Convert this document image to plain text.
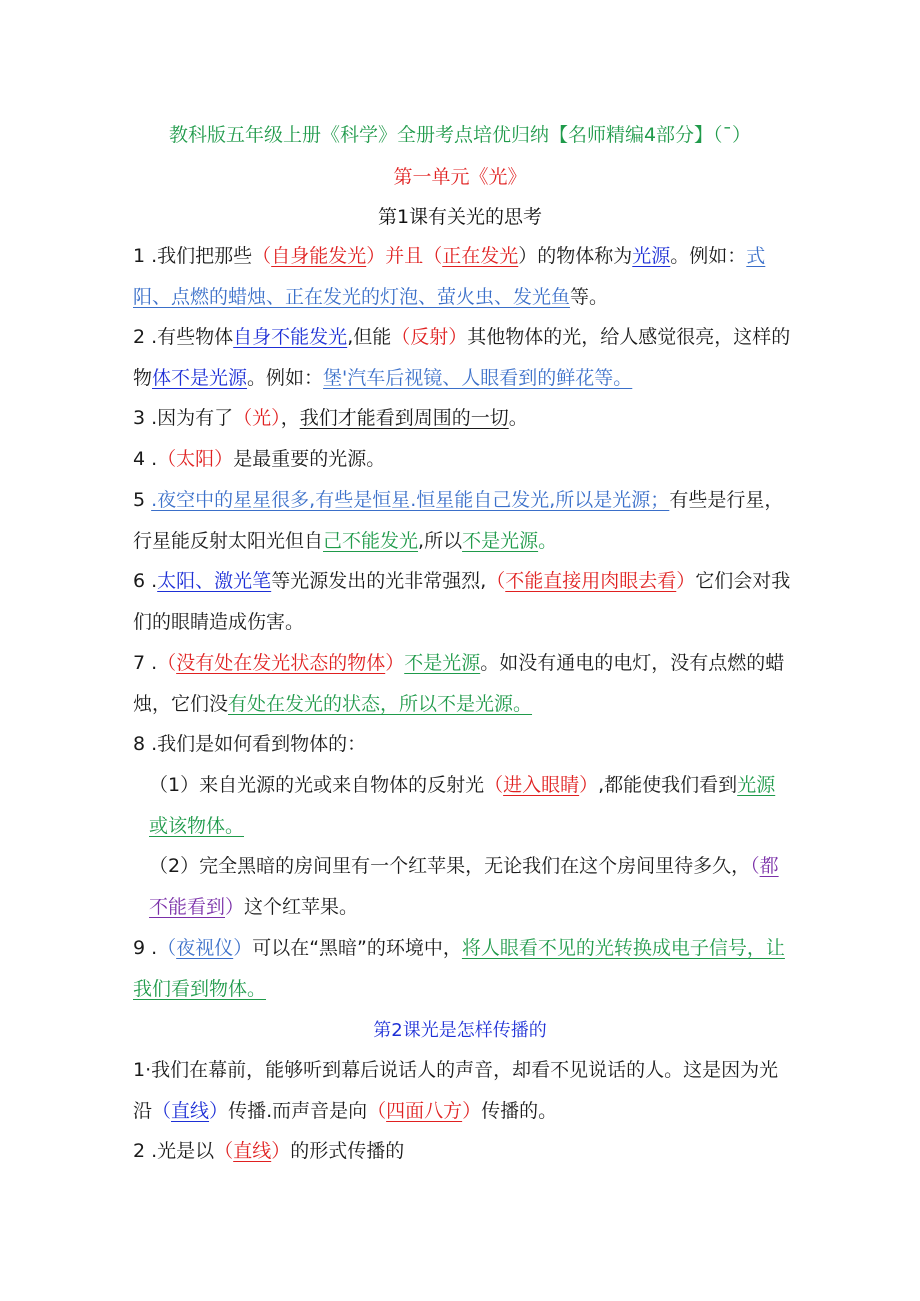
教科版五年级上册《科学》全册考点培优归纳【名师精编4部分】（¯）
第一单元《光》
第1课有关光的思考
1 .我们把那些（自身能发光）并且（正在发光）的物体称为光源。例如：式阳、点燃的蜡烛、正在发光的灯泡、萤火虫、发光鱼等。
2 .有些物体自身不能发光,但能（反射）其他物体的光，给人感觉很亮，这样的物体不是光源。例如：堡'汽车后视镜、人眼看到的鲜花等。
3 .因为有了（光），我们才能看到周围的一切。
4 .（太阳）是最重要的光源。
5 .夜空中的星星很多,有些是恒星.恒星能自己发光,所以是光源；有些是行星，行星能反射太阳光但自己不能发光,所以不是光源。
6 .太阳、激光笔等光源发出的光非常强烈,（不能直接用肉眼去看）它们会对我们的眼睛造成伤害。
7 .（没有处在发光状态的物体）不是光源。如没有通电的电灯，没有点燃的蜡烛，它们没有处在发光的状态，所以不是光源。
8 .我们是如何看到物体的：
（1）来自光源的光或来自物体的反射光（进入眼睛）,都能使我们看到光源或该物体。
（2）完全黑暗的房间里有一个红苹果，无论我们在这个房间里待多久，（都不能看到）这个红苹果。
9 .（夜视仪）可以在“黑暗”的环境中，将人眼看不见的光转换成电子信号，让我们看到物体。
第2课光是怎样传播的
1·我们在幕前，能够听到幕后说话人的声音，却看不见说话的人。这是因为光沿（直线）传播.而声音是向（四面八方）传播的。
2 .光是以（直线）的形式传播的
